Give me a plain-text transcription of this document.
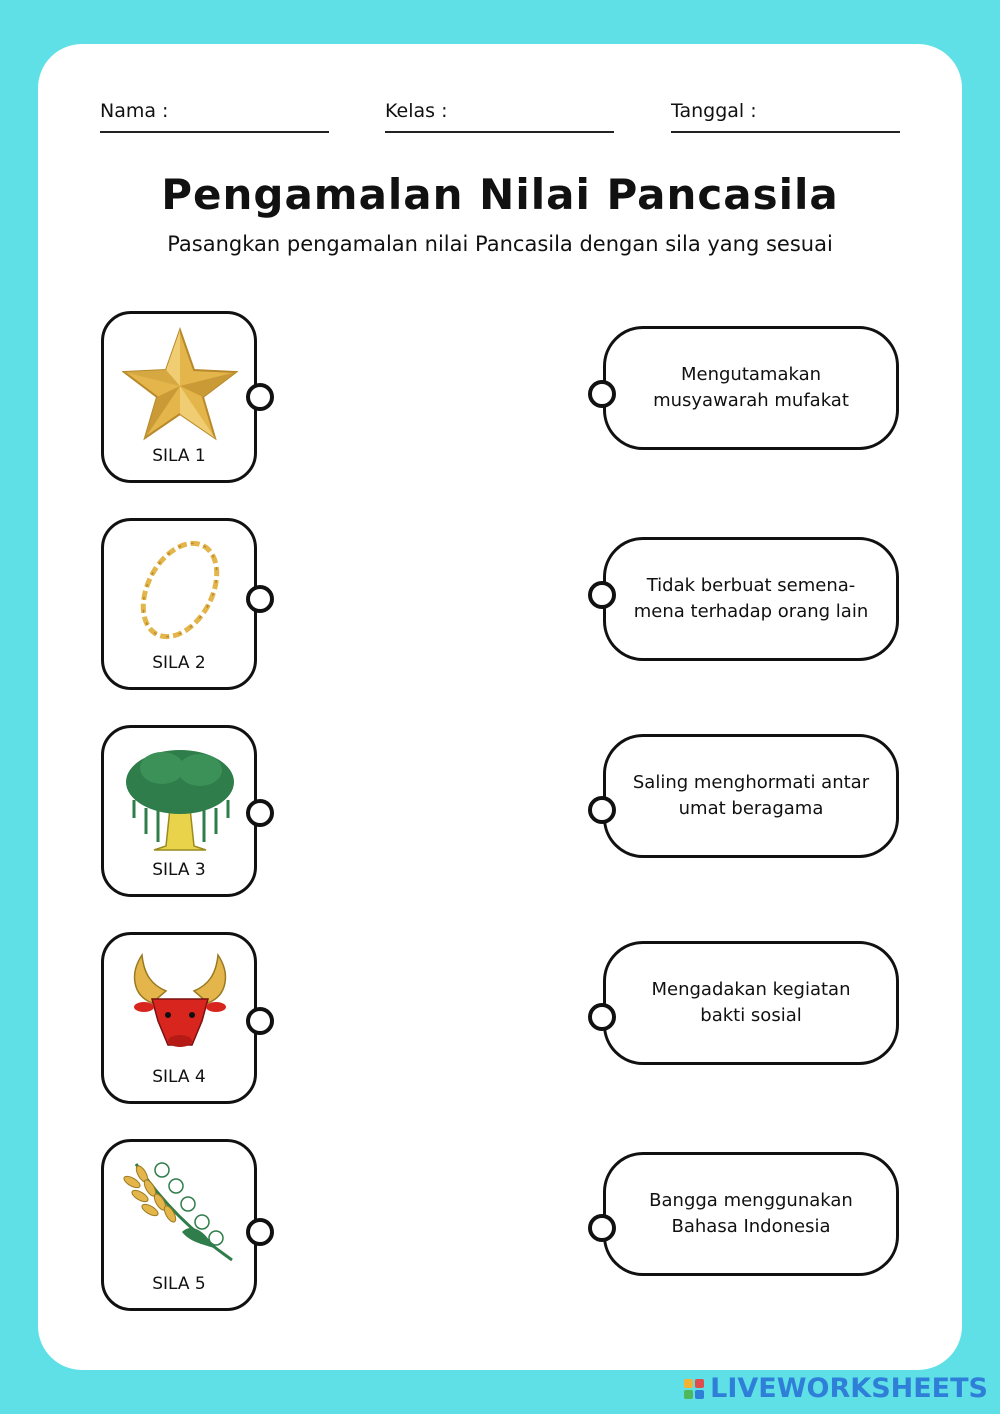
Nama :	Kelas :	Tanggal :
Pengamalan Nilai Pancasila
Pasangkan pengamalan nilai Pancasila dengan sila yang sesuai
SILA 1
SILA 2
SILA 3
SILA 4
SILA 5
Mengutamakan musyawarah mufakat
Tidak berbuat semena-mena terhadap orang lain
Saling menghormati antar umat beragama
Mengadakan kegiatan bakti sosial
Bangga menggunakan Bahasa Indonesia
LIVEWORKSHEETS
